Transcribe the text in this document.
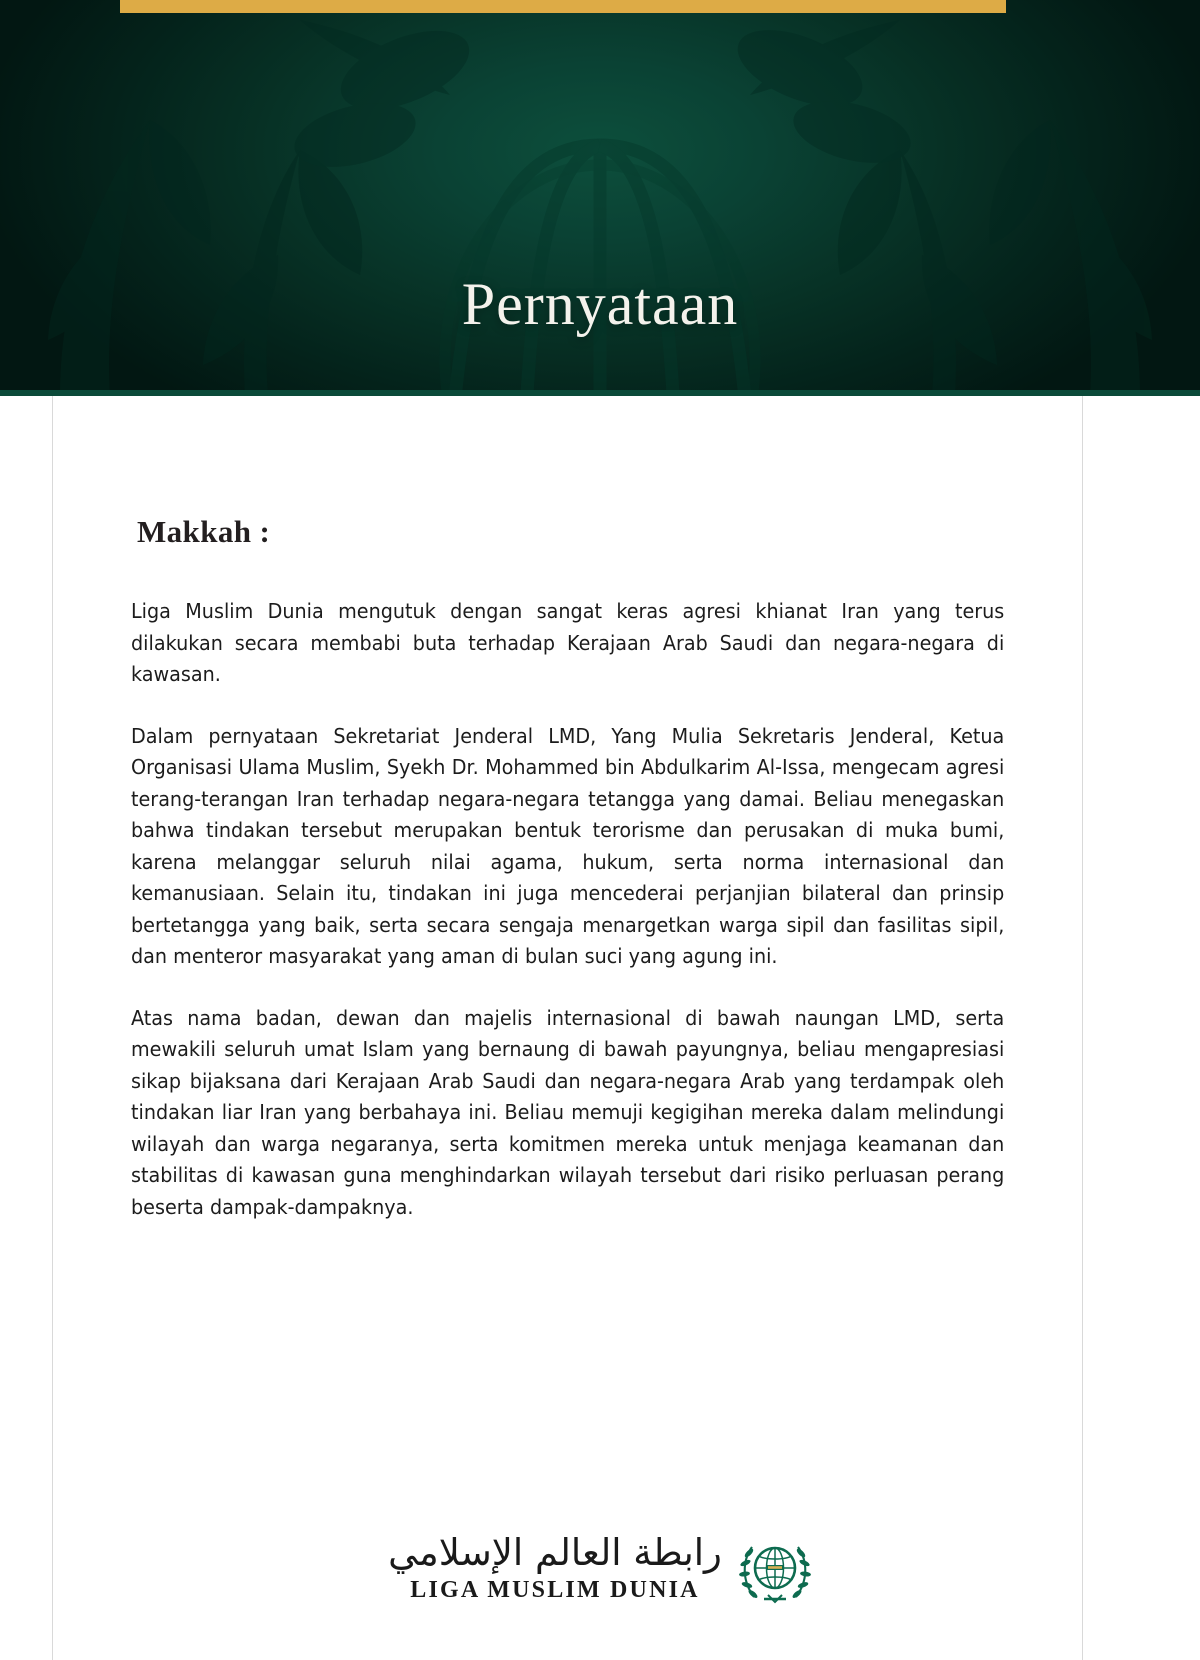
Pernyataan
Makkah :

Liga Muslim Dunia mengutuk dengan sangat keras agresi khianat Iran yang terus dilakukan secara membabi buta terhadap Kerajaan Arab Saudi dan negara-negara di kawasan.

Dalam pernyataan Sekretariat Jenderal LMD, Yang Mulia Sekretaris Jenderal, Ketua Organisasi Ulama Muslim, Syekh Dr. Mohammed bin Abdulkarim Al-Issa, mengecam agresi terang-terangan Iran terhadap negara-negara tetangga yang damai. Beliau menegaskan bahwa tindakan tersebut merupakan bentuk terorisme dan perusakan di muka bumi, karena melanggar seluruh nilai agama, hukum, serta norma internasional dan kemanusiaan. Selain itu, tindakan ini juga mencederai perjanjian bilateral dan prinsip bertetangga yang baik, serta secara sengaja menargetkan warga sipil dan fasilitas sipil, dan menteror masyarakat yang aman di bulan suci yang agung ini.

Atas nama badan, dewan dan majelis internasional di bawah naungan LMD, serta mewakili seluruh umat Islam yang bernaung di bawah payungnya, beliau mengapresiasi sikap bijaksana dari Kerajaan Arab Saudi dan negara-negara Arab yang terdampak oleh tindakan liar Iran yang berbahaya ini. Beliau memuji kegigihan mereka dalam melindungi wilayah dan warga negaranya, serta komitmen mereka untuk menjaga keamanan dan stabilitas di kawasan guna menghindarkan wilayah tersebut dari risiko perluasan perang beserta dampak-dampaknya.

رابطة العالم الإسلامي
LIGA MUSLIM DUNIA
